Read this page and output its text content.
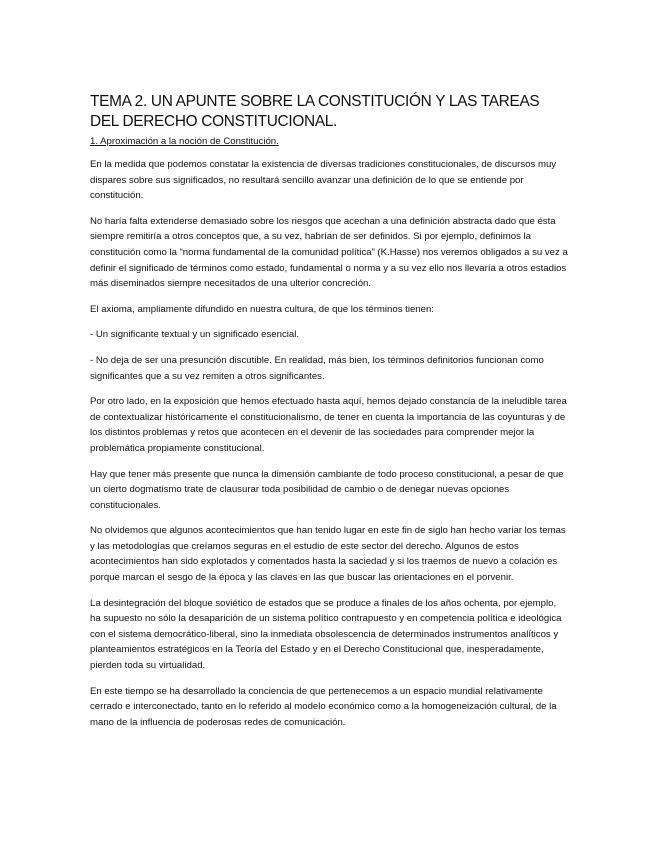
TEMA 2. UN APUNTE SOBRE LA CONSTITUCIÓN Y LAS TAREAS DEL DERECHO CONSTITUCIONAL.
1. Aproximación a la noción de Constitución.

En la medida que podemos constatar la existencia de diversas tradiciones constitucionales, de discursos muy dispares sobre sus significados, no resultará sencillo avanzar una definición de lo que se entiende por constitución.

No haría falta extenderse demasiado sobre los riesgos que acechan a una definición abstracta dado que ésta siempre remitiría a otros conceptos que, a su vez, habrían de ser definidos. Si por ejemplo, definimos la constitución como la “norma fundamental de la comunidad política” (K.Hasse) nos veremos obligados a su vez a definir el significado de términos como estado, fundamental o norma y a su vez ello nos llevaría a otros estadios más diseminados siempre necesitados de una ulterior concreción.

El axioma, ampliamente difundido en nuestra cultura, de que los términos tienen:

- Un significante textual y un significado esencial.

- No deja de ser una presunción discutible. En realidad, más bien, los términos definitorios funcionan como significantes que a su vez remiten a otros significantes.

Por otro lado, en la exposición que hemos efectuado hasta aquí, hemos dejado constancia de la ineludible tarea de contextualizar históricamente el constitucionalismo, de tener en cuenta la importancia de las coyunturas y de los distintos problemas y retos que acontecen en el devenir de las sociedades para comprender mejor la problemática propiamente constitucional.

Hay que tener más presente que nunca la dimensión cambiante de todo proceso constitucional, a pesar de que un cierto dogmatismo trate de clausurar toda posibilidad de cambio o de denegar nuevas opciones constitucionales.

No olvidemos que algunos acontecimientos que han tenido lugar en este fin de siglo han hecho variar los temas y las metodologías que creíamos seguras en el estudio de este sector del derecho. Algunos de estos acontecimientos han sido explotados y comentados hasta la saciedad y si los traemos de nuevo a colación es porque marcan el sesgo de la época y las claves en las que buscar las orientaciones en el porvenir.

La desintegración del bloque soviético de estados que se produce a finales de los años ochenta, por ejemplo, ha supuesto no sólo la desaparición de un sistema político contrapuesto y en competencia política e ideológica con el sistema democrático-liberal, sino la inmediata obsolescencia de determinados instrumentos analíticos y planteamientos estratégicos en la Teoría del Estado y en el Derecho Constitucional que, inesperadamente, pierden toda su virtualidad.

En este tiempo se ha desarrollado la conciencia de que pertenecemos a un espacio mundial relativamente cerrado e interconectado, tanto en lo referido al modelo económico como a la homogeneización cultural, de la mano de la influencia de poderosas redes de comunicación.
